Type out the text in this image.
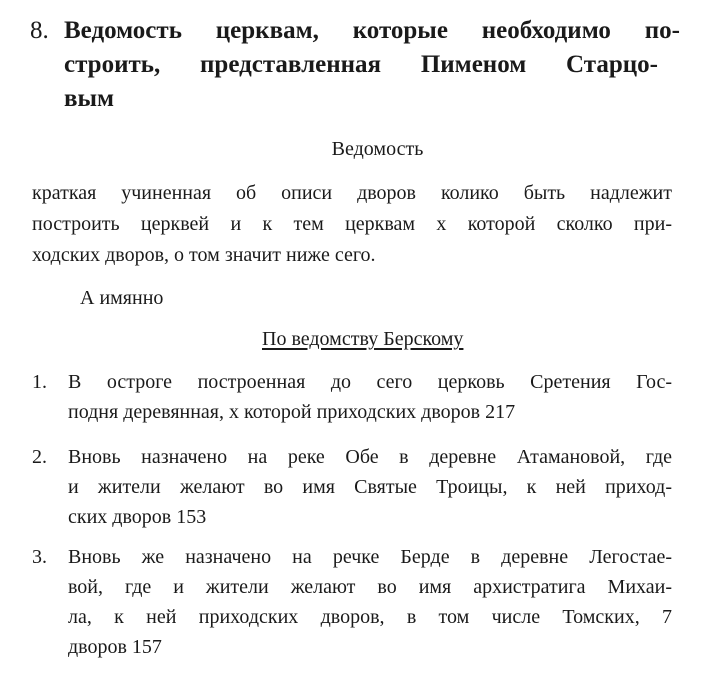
8. Ведомость церквам, которые необходимо по-
строить, представленная Пименом Старцо-
вым
Ведомость
краткая учиненная об описи дворов колико быть надлежит
построить церквей и к тем церквам х которой сколко при-
ходских дворов, о том значит ниже сего.
А имянно
По ведомству Берскому
1. В остроге построенная до сего церковь Сретения Гос-
подня деревянная, х которой приходских дворов 217
2. Вновь назначено на реке Обе в деревне Атамановой, где
и жители желают во имя Святые Троицы, к ней приход-
ских дворов 153
3. Вновь же назначено на речке Берде в деревне Легостае-
вой, где и жители желают во имя архистратига Михаи-
ла, к ней приходских дворов, в том числе Томских, 7
дворов 157
